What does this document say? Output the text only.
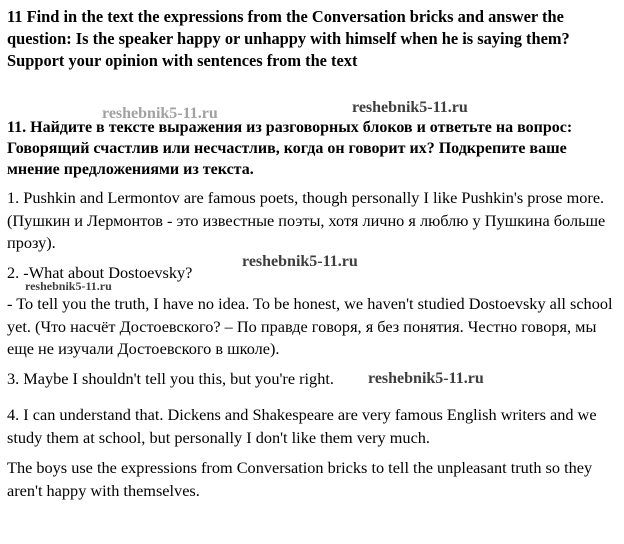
11 Find in the text the expressions from the Conversation bricks and answer the question: Is the speaker happy or unhappy with himself when he is saying them? Support your opinion with sentences from the text

reshebnik5-11.ru	reshebnik5-11.ru

11. Найдите в тексте выражения из разговорных блоков и ответьте на вопрос: Говорящий счастлив или несчастлив, когда он говорит их? Подкрепите ваше мнение предложениями из текста.

1. Pushkin and Lermontov are famous poets, though personally I like Pushkin's prose more. (Пушкин и Лермонтов - это известные поэты, хотя лично я люблю у Пушкина больше прозу).

2. -What about Dostoevsky?

reshebnik5-11.ru
reshebnik5-11.ru

- To tell you the truth, I have no idea. To be honest, we haven't studied Dostoevsky all school yet. (Что насчёт Достоевского? – По правде говоря, я без понятия. Честно говоря, мы еще не изучали Достоевского в школе).

3. Maybe I shouldn't tell you this, but you're right.	reshebnik5-11.ru

4. I can understand that. Dickens and Shakespeare are very famous English writers and we study them at school, but personally I don't like them very much.

The boys use the expressions from Conversation bricks to tell the unpleasant truth so they aren't happy with themselves.
